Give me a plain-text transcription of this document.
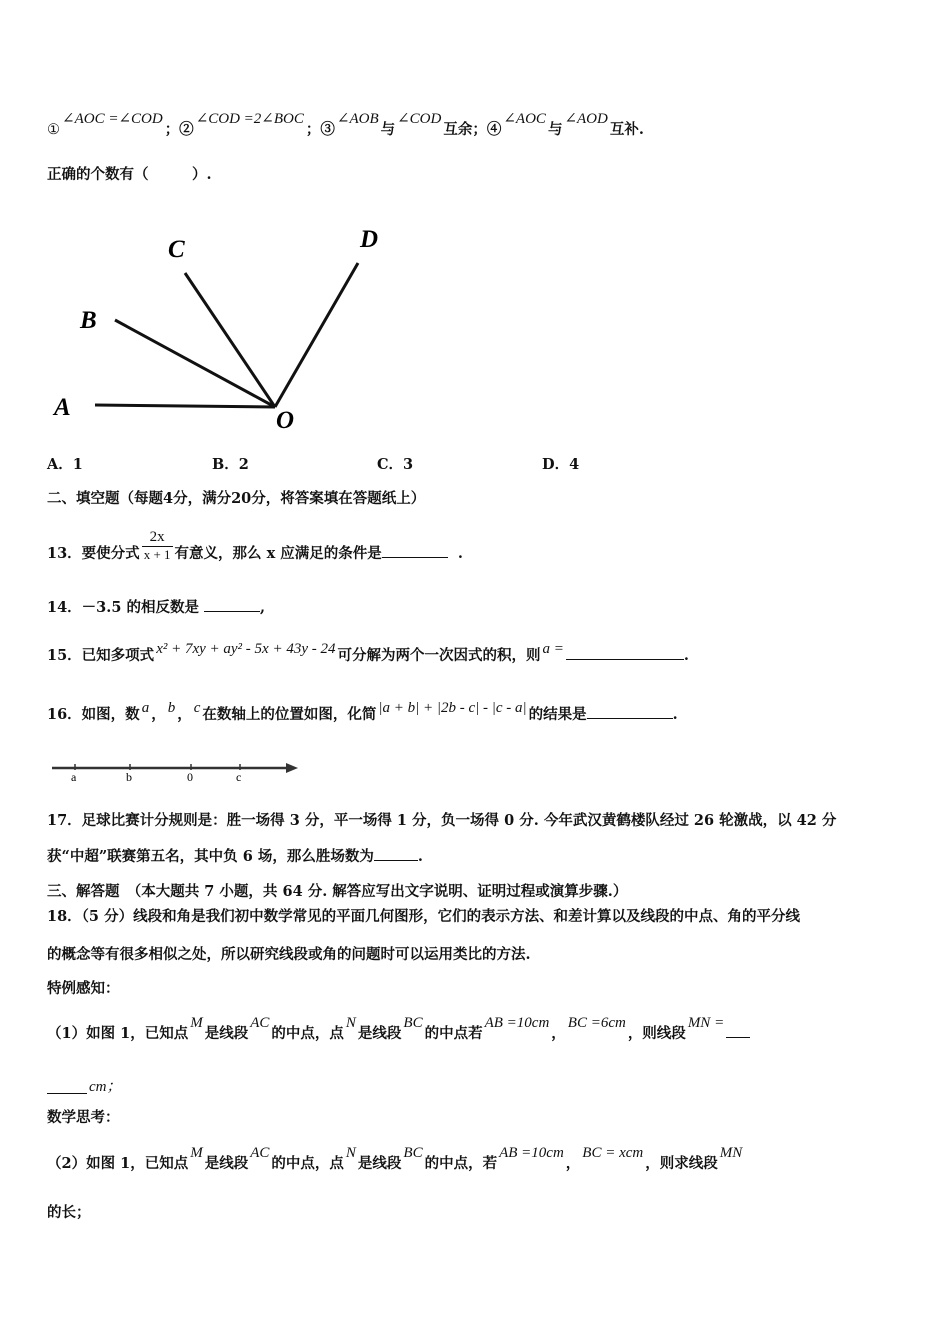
①∠AOC =∠COD；②∠COD =2∠BOC；③∠AOB与∠COD互余；④∠AOC与∠AOD互补.
正确的个数有（　　　）.
A
B
C	D
O
A．1	B．2	C．3	D．4
二、填空题（每题4分，满分20分，将答案填在答题纸上）
13．要使分式 $\frac{2x}{x + 1}$ 有意义，那么 x 应满足的条件是	.
14．－3.5 的相反数是	,
15．已知多项式 x² + 7xy + ay² - 5x + 43y - 24 可分解为两个一次因式的积，则 a =	.
16．如图，数 a ， b ， c 在数轴上的位置如图，化简 |a + b| + |2b - c| - |c - a| 的结果是	.
a	b	0	c
17．足球比赛计分规则是：胜一场得 3 分，平一场得 1 分，负一场得 0 分. 今年武汉黄鹤楼队经过 26 轮激战，以 42 分
获“中超”联赛第五名，其中负 6 场，那么胜场数为	.
三、解答题　（本大题共 7 小题，共 64 分. 解答应写出文字说明、证明过程或演算步骤.）
18．（5 分）线段和角是我们初中数学常见的平面几何图形，它们的表示方法、和差计算以及线段的中点、角的平分线
的概念等有很多相似之处，所以研究线段或角的问题时可以运用类比的方法.
特例感知：
（1）如图 1，已知点M是线段AC的中点，点N是线段BC的中点若AB =10cm，BC =6cm，则线段MN =
cm；
数学思考：
（2）如图 1，已知点M是线段AC的中点，点N是线段BC的中点，若AB =10cm，BC = xcm，则求线段MN
的长；
